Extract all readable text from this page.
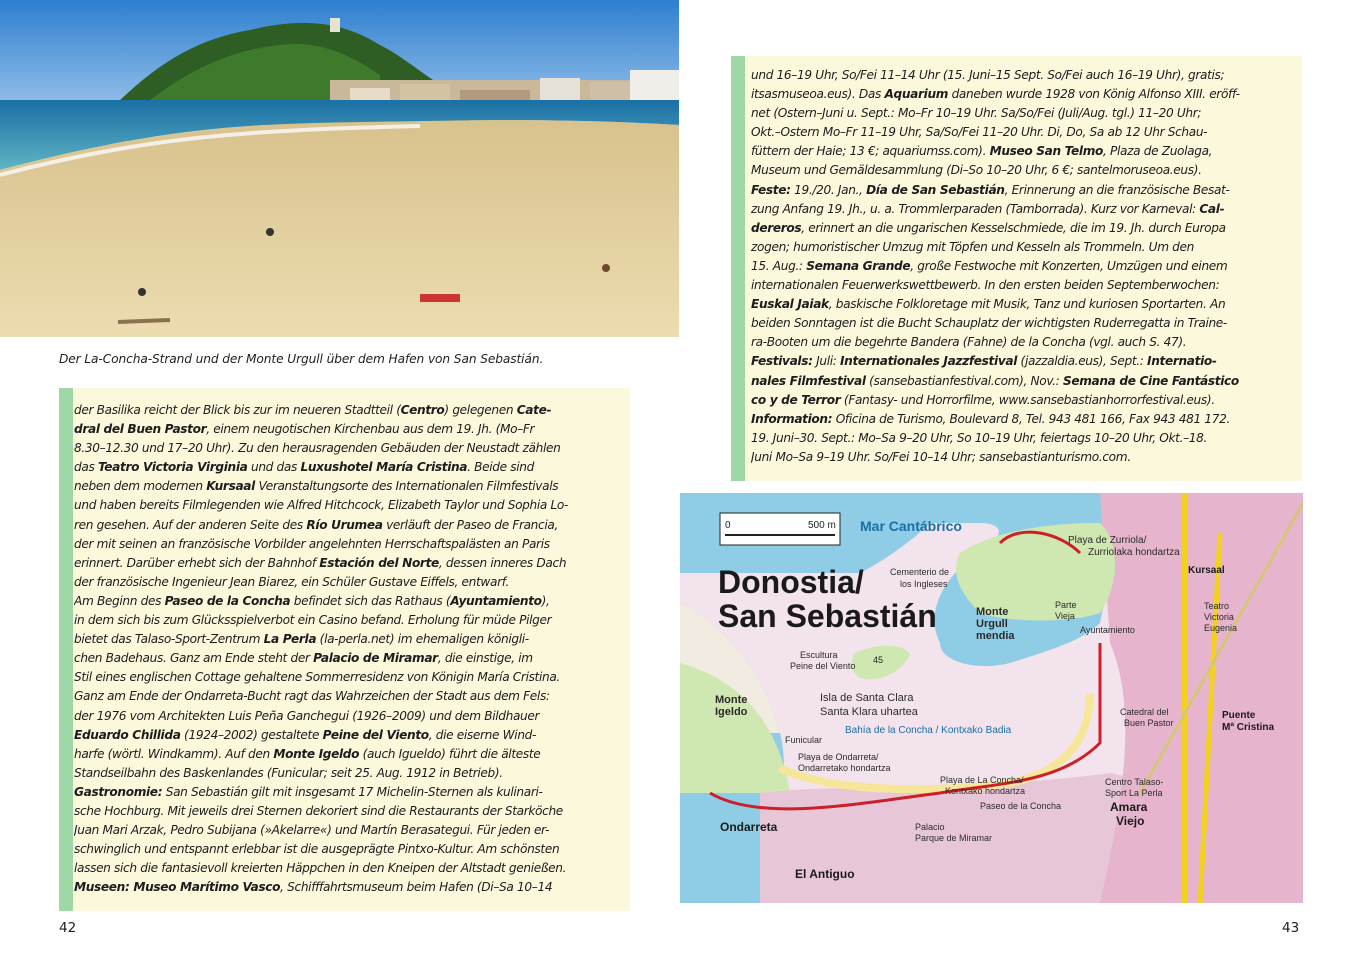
Der La-Concha-Strand und der Monte Urgull über dem Hafen von San Sebastián.
der Basilika reicht der Blick bis zur im neueren Stadtteil (Centro) gelegenen Cate-
dral del Buen Pastor, einem neugotischen Kirchenbau aus dem 19. Jh. (Mo–Fr
8.30–12.30 und 17–20 Uhr). Zu den herausragenden Gebäuden der Neustadt zählen
das Teatro Victoria Virginia und das Luxushotel María Cristina. Beide sind
neben dem modernen Kursaal Veranstaltungsorte des Internationalen Filmfestivals
und haben bereits Filmlegenden wie Alfred Hitchcock, Elizabeth Taylor und Sophia Lo-
ren gesehen. Auf der anderen Seite des Río Urumea verläuft der Paseo de Francia,
der mit seinen an französische Vorbilder angelehnten Herrschaftspalästen an Paris
erinnert. Darüber erhebt sich der Bahnhof Estación del Norte, dessen inneres Dach
der französische Ingenieur Jean Biarez, ein Schüler Gustave Eiffels, entwarf.
Am Beginn des Paseo de la Concha befindet sich das Rathaus (Ayuntamiento),
in dem sich bis zum Glücksspielverbot ein Casino befand. Erholung für müde Pilger
bietet das Talaso-Sport-Zentrum La Perla (la-perla.net) im ehemaligen königli-
chen Badehaus. Ganz am Ende steht der Palacio de Miramar, die einstige, im
Stil eines englischen Cottage gehaltene Sommerresidenz von Königin María Cristina.
Ganz am Ende der Ondarreta-Bucht ragt das Wahrzeichen der Stadt aus dem Fels:
der 1976 vom Architekten Luis Peña Ganchegui (1926–2009) und dem Bildhauer
Eduardo Chillida (1924–2002) gestaltete Peine del Viento, die eiserne Wind-
harfe (wörtl. Windkamm). Auf den Monte Igeldo (auch Igueldo) führt die älteste
Standseilbahn des Baskenlandes (Funicular; seit 25. Aug. 1912 in Betrieb).
Gastronomie: San Sebastián gilt mit insgesamt 17 Michelin-Sternen als kulinari-
sche Hochburg. Mit jeweils drei Sternen dekoriert sind die Restaurants der Starköche
Juan Mari Arzak, Pedro Subijana (»Akelarre«) und Martín Berasategui. Für jeden er-
schwinglich und entspannt erlebbar ist die ausgeprägte Pintxo-Kultur. Am schönsten
lassen sich die fantasievoll kreierten Häppchen in den Kneipen der Altstadt genießen.
Museen: Museo Marítimo Vasco, Schifffahrtsmuseum beim Hafen (Di–Sa 10–14
und 16–19 Uhr, So/Fei 11–14 Uhr (15. Juni–15 Sept. So/Fei auch 16–19 Uhr), gratis;
itsasmuseoa.eus). Das Aquarium daneben wurde 1928 von König Alfonso XIII. eröff-
net (Ostern–Juni u. Sept.: Mo–Fr 10–19 Uhr. Sa/So/Fei (Juli/Aug. tgl.) 11–20 Uhr;
Okt.–Ostern Mo–Fr 11–19 Uhr, Sa/So/Fei 11–20 Uhr. Di, Do, Sa ab 12 Uhr Schau-
füttern der Haie; 13 €; aquariumss.com). Museo San Telmo, Plaza de Zuolaga,
Museum und Gemäldesammlung (Di–So 10–20 Uhr, 6 €; santelmoruseoa.eus).
Feste: 19./20. Jan., Día de San Sebastián, Erinnerung an die französische Besat-
zung Anfang 19. Jh., u. a. Trommlerparaden (Tamborrada). Kurz vor Karneval: Cal-
dereros, erinnert an die ungarischen Kesselschmiede, die im 19. Jh. durch Europa
zogen; humoristischer Umzug mit Töpfen und Kesseln als Trommeln. Um den
15. Aug.: Semana Grande, große Festwoche mit Konzerten, Umzügen und einem
internationalen Feuerwerkswettbewerb. In den ersten beiden Septemberwochen:
Euskal Jaiak, baskische Folkloretage mit Musik, Tanz und kuriosen Sportarten. An
beiden Sonntagen ist die Bucht Schauplatz der wichtigsten Ruderregatta in Traine-
ra-Booten um die begehrte Bandera (Fahne) de la Concha (vgl. auch S. 47).
Festivals: Juli: Internationales Jazzfestival (jazzaldia.eus), Sept.: Internatio-
nales Filmfestival (sansebastianfestival.com), Nov.: Semana de Cine Fantástico
co y de Terror (Fantasy- und Horrorfilme, www.sansebastianhorrorfestival.eus).
Information: Oficina de Turismo, Boulevard 8, Tel. 943 481 166, Fax 943 481 172.
19. Juni–30. Sept.: Mo–Sa 9–20 Uhr, So 10–19 Uhr, feiertags 10–20 Uhr, Okt.–18.
Juni Mo–Sa 9–19 Uhr. So/Fei 10–14 Uhr; sansebastianturismo.com.
0	500 m
Donostia/
San Sebastián
Mar Cantábrico
Playa de Zurriola/
Zurriolaka hondartza
Cementerio de
los Ingleses
Monte
Urgull
mendia
Escultura
Peine del Viento
45
Isla de Santa Clara
Santa Klara uhartea
Monte
Igeldo
Funicular
Bahía de la Concha / Kontxako Badia
Playa de Ondarreta/
Ondarretako hondartza
Playa de La Concha/
Kontxako hondartza
Ondarreta
El Antiguo
Amara
Viejo
Catedral del
Buen Pastor
Puente
Mª Cristina
Kursaal
Ayuntamiento
Parte
Vieja
Teatro
Victoria
Eugenia
Paseo de la Concha
Palacio
Parque de Miramar
Centro Talaso-
Sport La Perla
42	43
